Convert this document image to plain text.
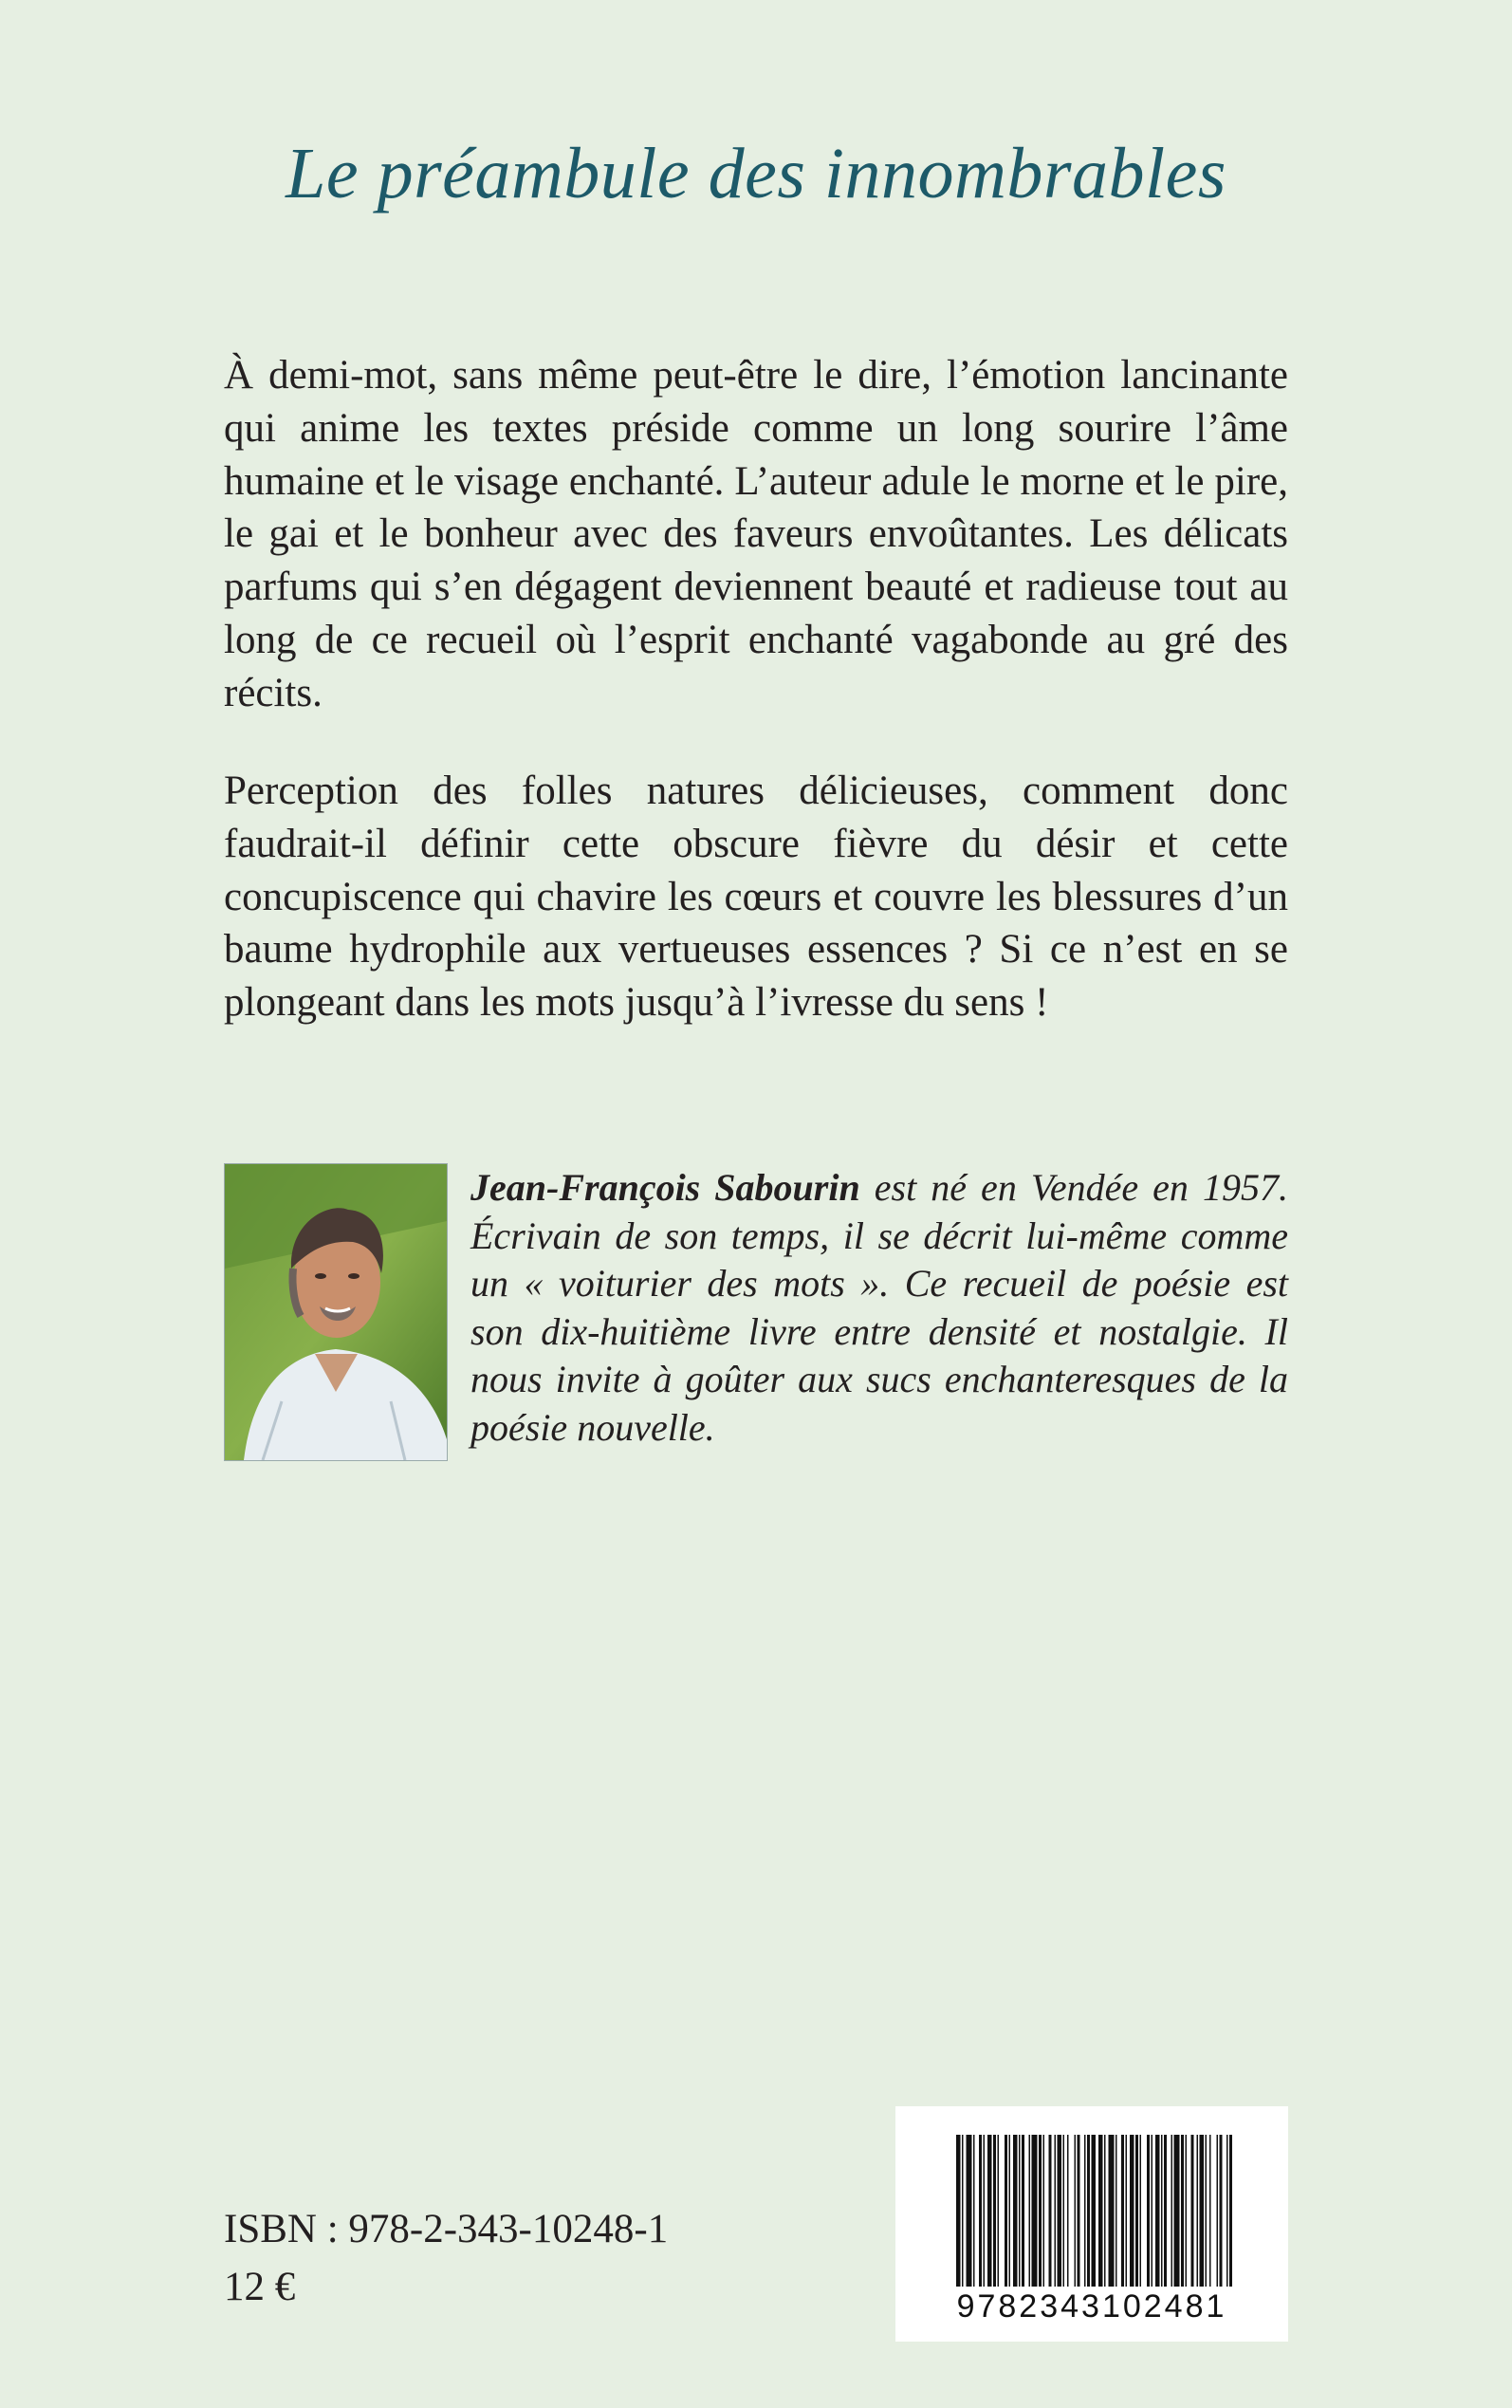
Le préambule des innombrables

À demi-mot, sans même peut-être le dire, l’émotion lancinante qui anime les textes préside comme un long sourire l’âme humaine et le visage enchanté. L’auteur adule le morne et le pire, le gai et le bonheur avec des faveurs envoûtantes. Les délicats parfums qui s’en dégagent deviennent beauté et radieuse tout au long de ce recueil où l’esprit enchanté vagabonde au gré des récits.

Perception des folles natures délicieuses, comment donc faudrait-il définir cette obscure fièvre du désir et cette concupiscence qui chavire les cœurs et couvre les blessures d’un baume hydrophile aux vertueuses essences ? Si ce n’est en se plongeant dans les mots jusqu’à l’ivresse du sens !

Jean-François Sabourin est né en Vendée en 1957. Écrivain de son temps, il se décrit lui-même comme un « voiturier des mots ». Ce recueil de poésie est son dix-huitième livre entre densité et nostalgie. Il nous invite à goûter aux sucs enchanteresques de la poésie nouvelle.

ISBN : 978-2-343-10248-1
12 €	9782343102481
